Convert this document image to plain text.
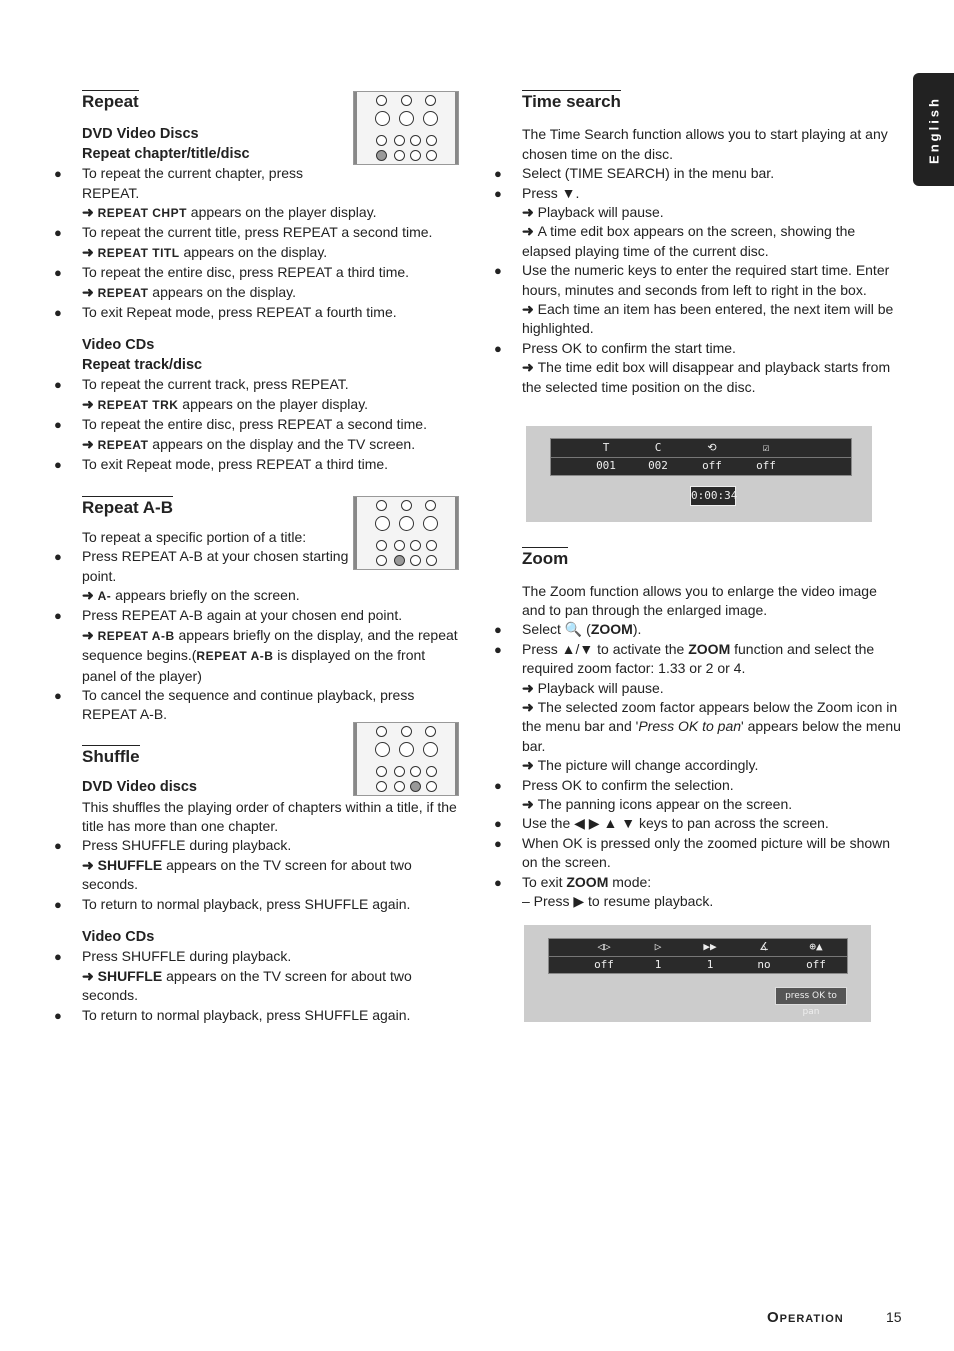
English
Repeat
DVD Video Discs
Repeat chapter/title/disc
● To repeat the current chapter, press REPEAT.
➜ REPEAT CHPT appears on the player display.
● To repeat the current title, press REPEAT a second time.
➜ REPEAT TITL appears on the display.
● To repeat the entire disc, press REPEAT a third time.
➜ REPEAT appears on the display.
● To exit Repeat mode, press REPEAT a fourth time.
Video CDs
Repeat track/disc
● To repeat the current track, press REPEAT.
➜ REPEAT TRK appears on the player display.
● To repeat the entire disc, press REPEAT a second time.
➜ REPEAT appears on the display and the TV screen.
● To exit Repeat mode, press REPEAT a third time.
Repeat A-B
To repeat a specific portion of a title:
● Press REPEAT A-B at your chosen starting point.
➜ A- appears briefly on the screen.
● Press REPEAT A-B again at your chosen end point.
➜ REPEAT A-B appears briefly on the display, and the repeat sequence begins.(REPEAT A-B is displayed on the front panel of the player)
● To cancel the sequence and continue playback, press REPEAT A-B.
Shuffle
DVD Video discs
This shuffles the playing order of chapters within a title, if the title has more than one chapter.
● Press SHUFFLE during playback.
➜ SHUFFLE appears on the TV screen for about two seconds.
● To return to normal playback, press SHUFFLE again.
Video CDs
● Press SHUFFLE during playback.
➜ SHUFFLE appears on the TV screen for about two seconds.
● To return to normal playback, press SHUFFLE again.
Time search
The Time Search function allows you to start playing at any chosen time on the disc.
● Select (TIME SEARCH) in the menu bar.
● Press ▼.
➜ Playback will pause.
➜ A time edit box appears on the screen, showing the elapsed playing time of the current disc.
● Use the numeric keys to enter the required start time. Enter hours, minutes and seconds from left to right in the box.
➜ Each time an item has been entered, the next item will be highlighted.
● Press OK to confirm the start time.
➜ The time edit box will disappear and playback starts from the selected time position on the disc.
Zoom
The Zoom function allows you to enlarge the video image and to pan through the enlarged image.
● Select 🔍 (ZOOM).
● Press ▲/▼ to activate the ZOOM function and select the required zoom factor: 1.33 or 2 or 4.
➜ Playback will pause.
➜ The selected zoom factor appears below the Zoom icon in the menu bar and 'Press OK to pan' appears below the menu bar.
➜ The picture will change accordingly.
● Press OK to confirm the selection.
➜ The panning icons appear on the screen.
● Use the ◀ ▶ ▲ ▼ keys to pan across the screen.
● When OK is pressed only the zoomed picture will be shown on the screen.
● To exit ZOOM mode:
– Press ▶ to resume playback.
T	C	⟲	☑
001	002	off	off
0:00:34
◁▷	▷	▶▶	∡	⊕▲
off	1	1	no	off
press OK to pan
Operation	15
